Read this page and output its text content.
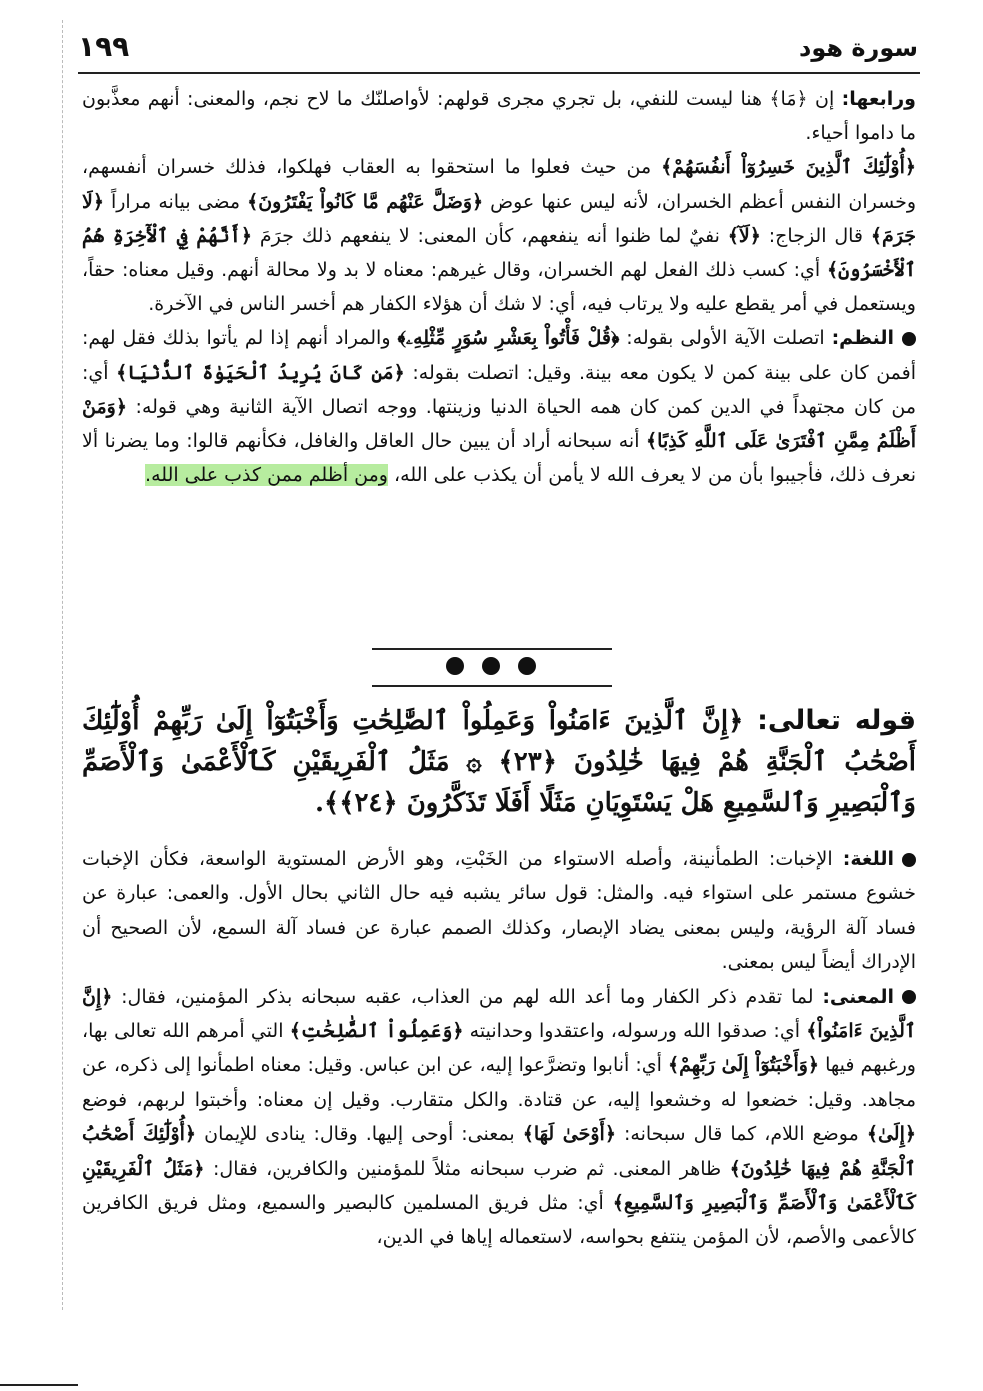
سورة هود
١٩٩

ورابعها: إن ﴿مَا﴾ هنا ليست للنفي، بل تجري مجرى قولهم: لأواصلنّك ما لاح نجم، والمعنى: أنهم معذَّبون ما داموا أحياء.

﴿أُوْلَٰٓئِكَ ٱلَّذِينَ خَسِرُوٓاْ أَنفُسَهُمْ﴾ من حيث فعلوا ما استحقوا به العقاب فهلكوا، فذلك خسران أنفسهم، وخسران النفس أعظم الخسران، لأنه ليس عنها عوض ﴿وَضَلَّ عَنْهُم مَّا كَانُواْ يَفْتَرُونَ﴾ مضى بيانه مراراً ﴿لَا جَرَمَ﴾ قال الزجاج: ﴿لَآ﴾ نفيٌ لما ظنوا أنه ينفعهم، كأن المعنى: لا ينفعهم ذلك جرَمَ ﴿أَنَّهُمْ فِي ٱلْأٓخِرَةِ هُمُ ٱلْأَخْسَرُونَ﴾ أي: كسب ذلك الفعل لهم الخسران، وقال غيرهم: معناه لا بد ولا محالة أنهم. وقيل معناه: حقاً، ويستعمل في أمر يقطع عليه ولا يرتاب فيه، أي: لا شك أن هؤلاء الكفار هم أخسر الناس في الآخرة.

النظم: اتصلت الآية الأولى بقوله: ﴿قُلْ فَأْتُواْ بِعَشْرِ سُوَرٍ مِّثْلِهِۦ﴾ والمراد أنهم إذا لم يأتوا بذلك فقل لهم: أفمن كان على بينة كمن لا يكون معه بينة. وقيل: اتصلت بقوله: ﴿مَن كَانَ يُرِيدُ ٱلْحَيَوٰةَ ٱلدُّنْيَا﴾ أي: من كان مجتهداً في الدين كمن كان همه الحياة الدنيا وزينتها. ووجه اتصال الآية الثانية وهي قوله: ﴿وَمَنْ أَظْلَمُ مِمَّنِ ٱفْتَرَىٰ عَلَى ٱللَّهِ كَذِبًا﴾ أنه سبحانه أراد أن يبين حال العاقل والغافل، فكأنهم قالوا: وما يضرنا ألا نعرف ذلك، فأجيبوا بأن من لا يعرف الله لا يأمن أن يكذب على الله، ومن أظلم ممن كذب على الله.

قوله تعالى: ﴿إِنَّ ٱلَّذِينَ ءَامَنُواْ وَعَمِلُواْ ٱلصَّٰلِحَٰتِ وَأَخْبَتُوٓاْ إِلَىٰ رَبِّهِمْ أُوْلَٰٓئِكَ أَصْحَٰبُ ٱلْجَنَّةِ هُمْ فِيهَا خَٰلِدُونَ ﴿٢٣﴾ ۞ مَثَلُ ٱلْفَرِيقَيْنِ كَٱلْأَعْمَىٰ وَٱلْأَصَمِّ وَٱلْبَصِيرِ وَٱلسَّمِيعِ هَلْ يَسْتَوِيَانِ مَثَلًا أَفَلَا تَذَكَّرُونَ ﴿٢٤﴾﴾.

اللغة: الإخبات: الطمأنينة، وأصله الاستواء من الخَبْتِ، وهو الأرض المستوية الواسعة، فكأن الإخبات خشوع مستمر على استواء فيه. والمثل: قول سائر يشبه فيه حال الثاني بحال الأول. والعمى: عبارة عن فساد آلة الرؤية، وليس بمعنى يضاد الإبصار، وكذلك الصمم عبارة عن فساد آلة السمع، لأن الصحيح أن الإدراك أيضاً ليس بمعنى.

المعنى: لما تقدم ذكر الكفار وما أعد الله لهم من العذاب، عقبه سبحانه بذكر المؤمنين، فقال: ﴿إِنَّ ٱلَّذِينَ ءَامَنُواْ﴾ أي: صدقوا الله ورسوله، واعتقدوا وحدانيته ﴿وَعَمِلُواْ ٱلصَّٰلِحَٰتِ﴾ التي أمرهم الله تعالى بها، ورغبهم فيها ﴿وَأَخْبَتُوٓاْ إِلَىٰ رَبِّهِمْ﴾ أي: أنابوا وتضرَّعوا إليه، عن ابن عباس. وقيل: معناه اطمأنوا إلى ذكره، عن مجاهد. وقيل: خضعوا له وخشعوا إليه، عن قتادة. والكل متقارب. وقيل إن معناه: وأخبتوا لربهم، فوضع ﴿إِلَىٰ﴾ موضع اللام، كما قال سبحانه: ﴿أَوْحَىٰ لَهَا﴾ بمعنى: أوحى إليها. وقال: ينادى للإيمان ﴿أُوْلَٰٓئِكَ أَصْحَٰبُ ٱلْجَنَّةِ هُمْ فِيهَا خَٰلِدُونَ﴾ ظاهر المعنى. ثم ضرب سبحانه مثلاً للمؤمنين والكافرين، فقال: ﴿مَثَلُ ٱلْفَرِيقَيْنِ كَٱلْأَعْمَىٰ وَٱلْأَصَمِّ وَٱلْبَصِيرِ وَٱلسَّمِيعِ﴾ أي: مثل فريق المسلمين كالبصير والسميع، ومثل فريق الكافرين كالأعمى والأصم، لأن المؤمن ينتفع بحواسه، لاستعماله إياها في الدين،
